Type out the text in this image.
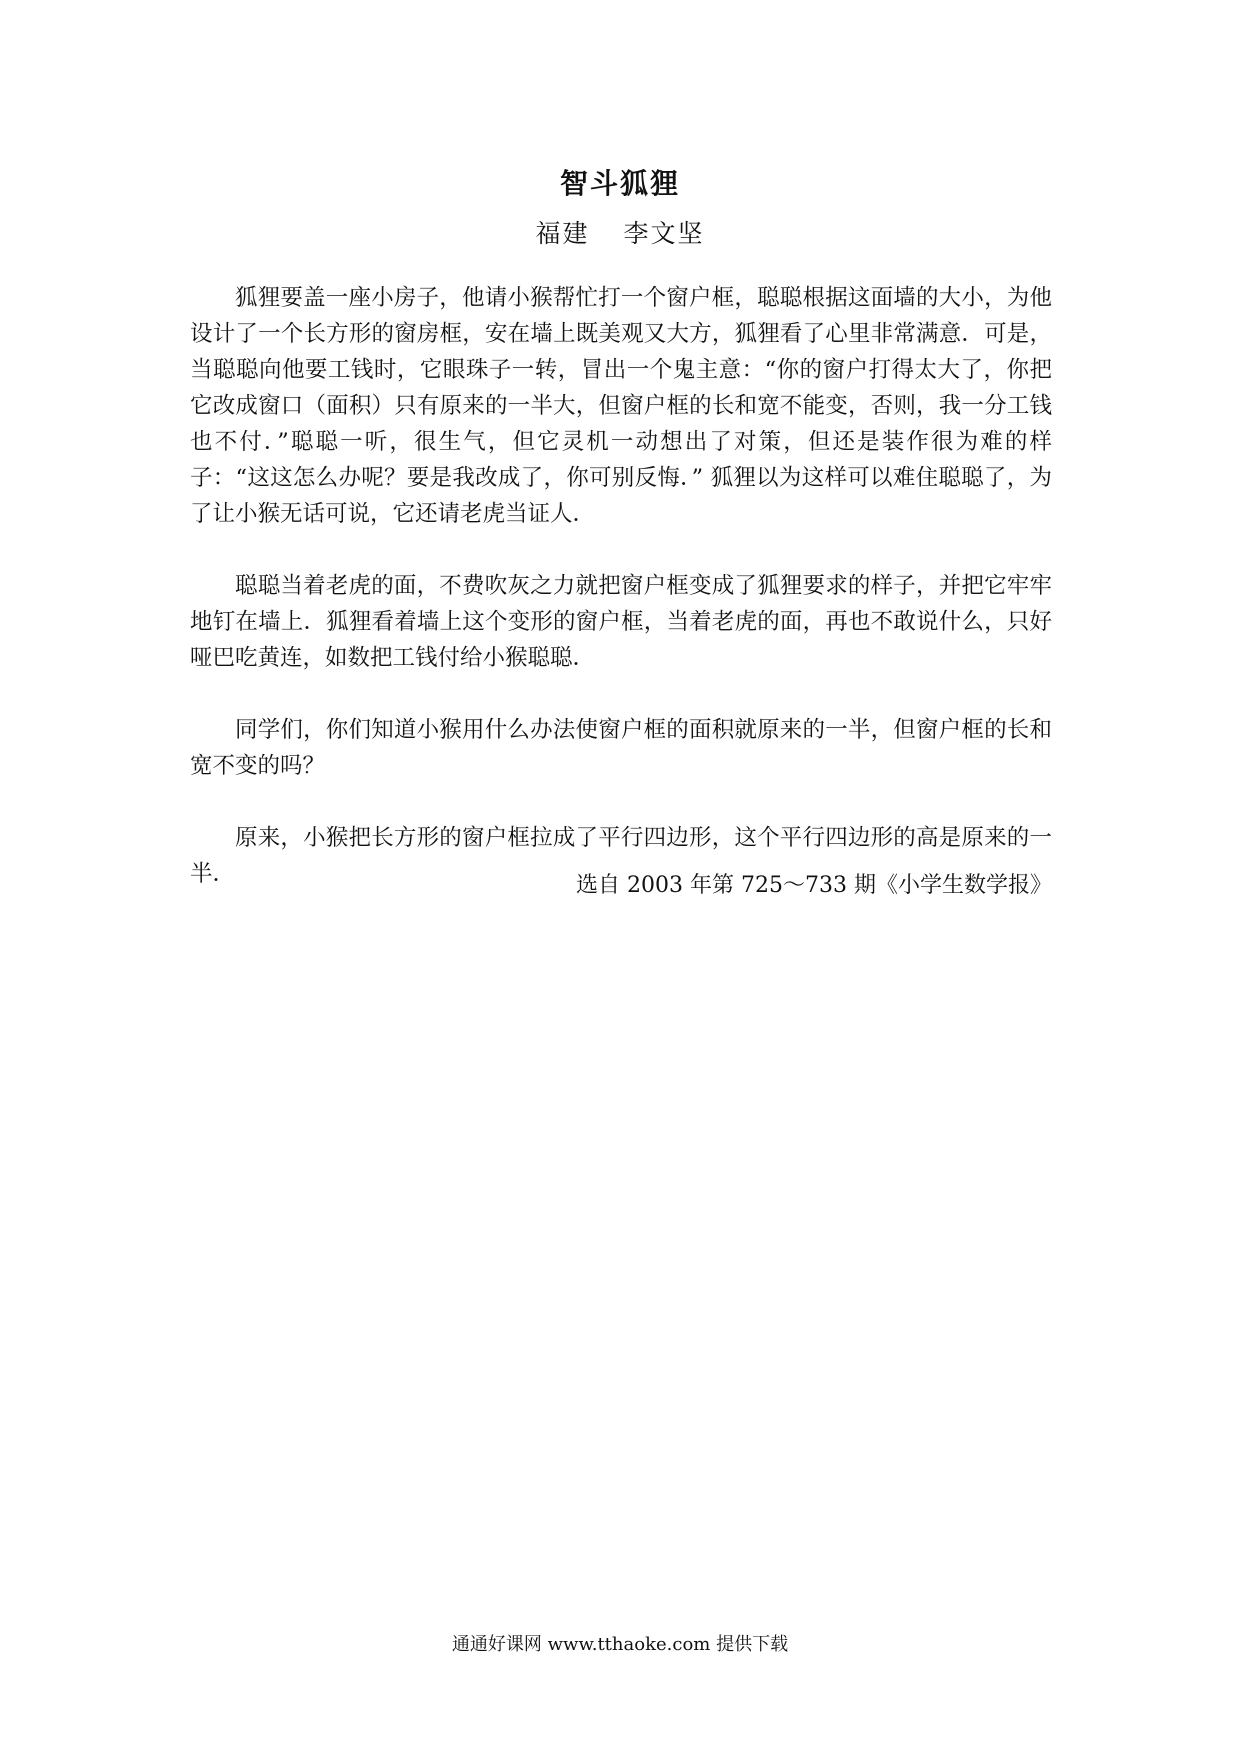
智斗狐狸
福建 李文坚

狐狸要盖一座小房子，他请小猴帮忙打一个窗户框，聪聪根据这面墙的大小，为他设计了一个长方形的窗房框，安在墙上既美观又大方，狐狸看了心里非常满意．可是，当聪聪向他要工钱时，它眼珠子一转，冒出一个鬼主意：“你的窗户打得太大了，你把它改成窗口（面积）只有原来的一半大，但窗户框的长和宽不能变，否则，我一分工钱也不付．”聪聪一听，很生气，但它灵机一动想出了对策，但还是装作很为难的样子：“这这怎么办呢？要是我改成了，你可别反悔．” 狐狸以为这样可以难住聪聪了，为了让小猴无话可说，它还请老虎当证人．

聪聪当着老虎的面，不费吹灰之力就把窗户框变成了狐狸要求的样子，并把它牢牢地钉在墙上．狐狸看着墙上这个变形的窗户框，当着老虎的面，再也不敢说什么，只好哑巴吃黄连，如数把工钱付给小猴聪聪．

同学们，你们知道小猴用什么办法使窗户框的面积就原来的一半，但窗户框的长和宽不变的吗？

原来，小猴把长方形的窗户框拉成了平行四边形，这个平行四边形的高是原来的一半．	选自 2003 年第 725～733 期《小学生数学报》
通通好课网 www.tthaoke.com 提供下载
